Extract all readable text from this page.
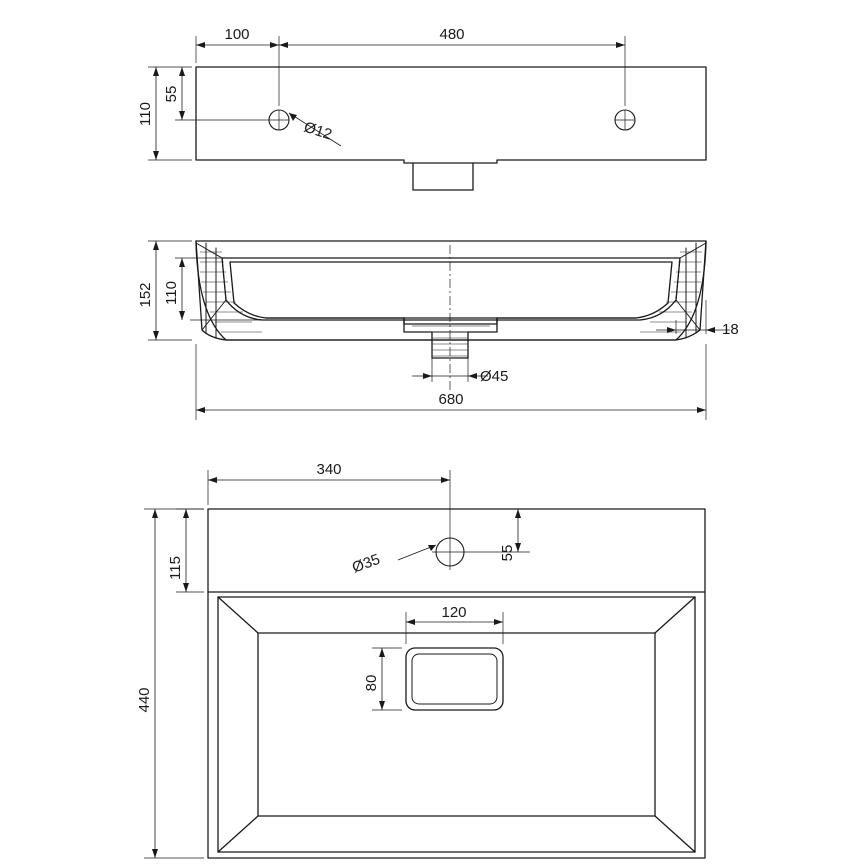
Ø12
100	480
110
55
152 110
18
Ø45
680
Ø35
340
55
115
440
120
80
